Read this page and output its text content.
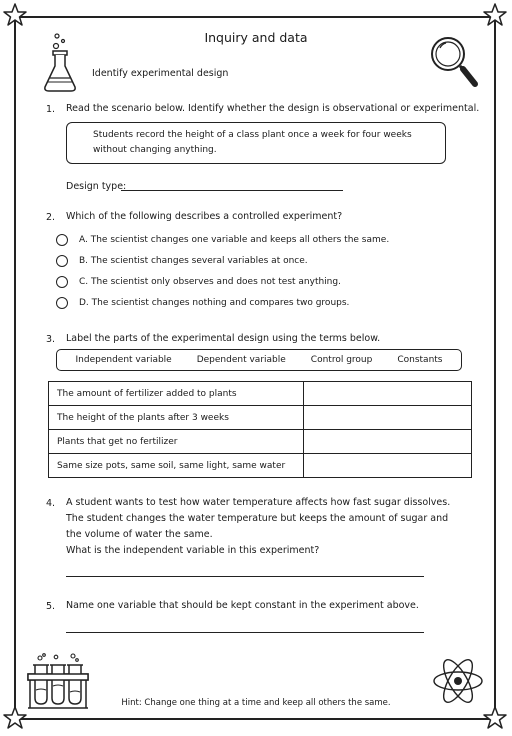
Inquiry and data
Identify experimental design
1. Read the scenario below. Identify whether the design is observational or experimental.
Students record the height of a class plant once a week for four weeks
without changing anything.
Design type:
2. Which of the following describes a controlled experiment?
A. The scientist changes one variable and keeps all others the same.
B. The scientist changes several variables at once.
C. The scientist only observes and does not test anything.
D. The scientist changes nothing and compares two groups.
3. Label the parts of the experimental design using the terms below.
Independent variable	Dependent variable	Control group	Constants
The amount of fertilizer added to plants	
The height of the plants after 3 weeks	
Plants that get no fertilizer	
Same size pots, same soil, same light, same water	
4. A student wants to test how water temperature affects how fast sugar dissolves.
The student changes the water temperature but keeps the amount of sugar and
the volume of water the same.
What is the independent variable in this experiment?
5. Name one variable that should be kept constant in the experiment above.
Hint: Change one thing at a time and keep all others the same.
